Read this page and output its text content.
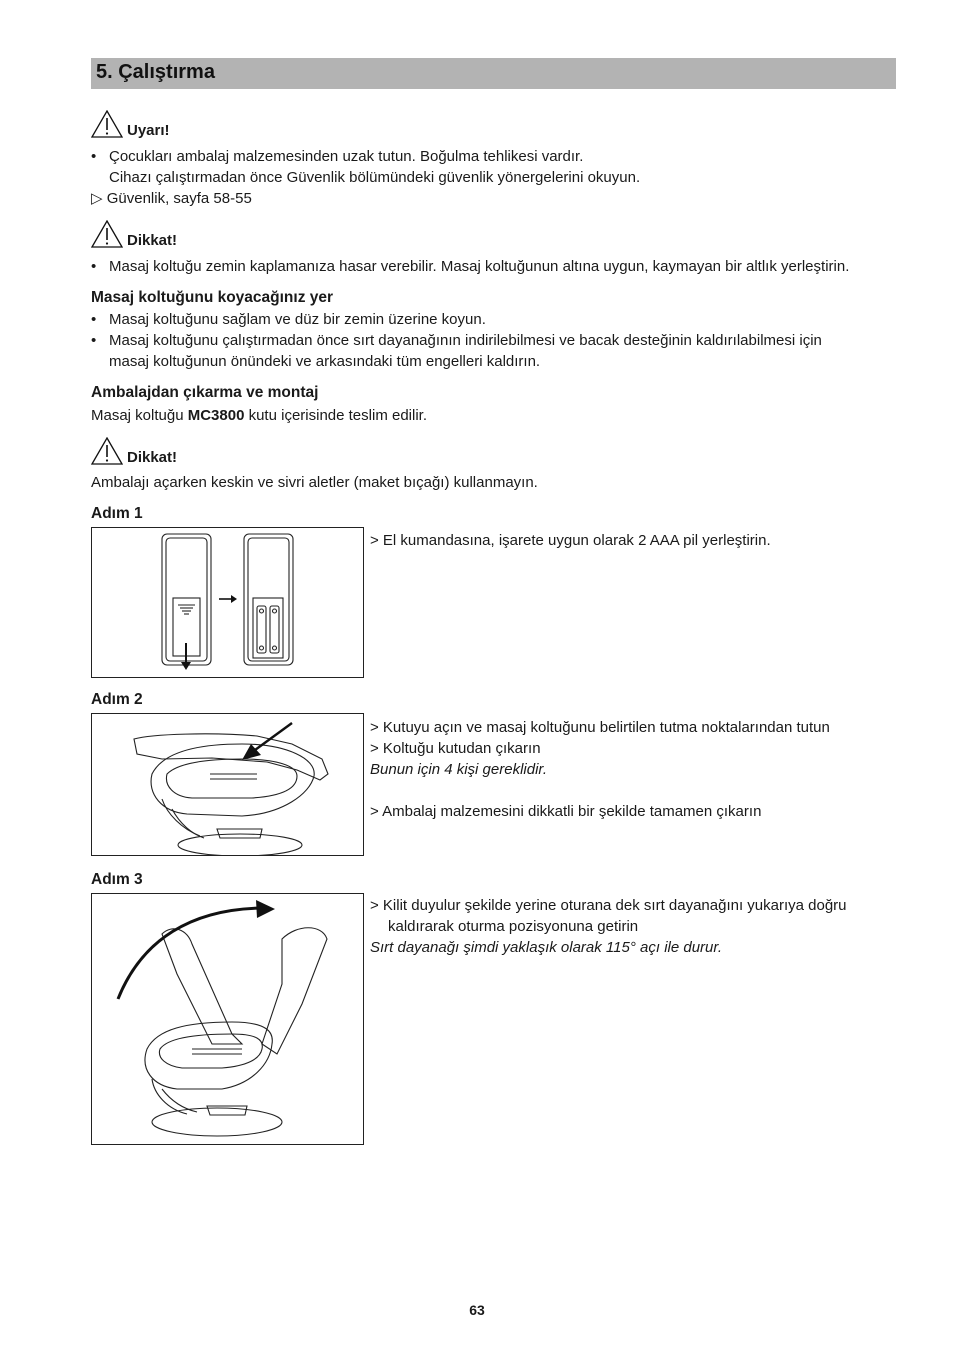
5. Çalıştırma
Uyarı!
• Çocukları ambalaj malzemesinden uzak tutun. Boğulma tehlikesi vardır.
Cihazı çalıştırmadan önce Güvenlik bölümündeki güvenlik yönergelerini okuyun.
▷ Güvenlik, sayfa 58-55
Dikkat!
• Masaj koltuğu zemin kaplamanıza hasar verebilir. Masaj koltuğunun altına uygun, kaymayan bir altlık yerleştirin.
Masaj koltuğunu koyacağınız yer
• Masaj koltuğunu sağlam ve düz bir zemin üzerine koyun.
• Masaj koltuğunu çalıştırmadan önce sırt dayanağının indirilebilmesi ve bacak desteğinin kaldırılabilmesi için
masaj koltuğunun önündeki ve arkasındaki tüm engelleri kaldırın.
Ambalajdan çıkarma ve montaj
Masaj koltuğu MC3800 kutu içerisinde teslim edilir.
Dikkat!
Ambalajı açarken keskin ve sivri aletler (maket bıçağı) kullanmayın.
Adım 1
> El kumandasına, işarete uygun olarak 2 AAA pil yerleştirin.
Adım 2
> Kutuyu açın ve masaj koltuğunu belirtilen tutma noktalarından tutun
> Koltuğu kutudan çıkarın
Bunun için 4 kişi gereklidir.
> Ambalaj malzemesini dikkatli bir şekilde tamamen çıkarın
Adım 3
> Kilit duyulur şekilde yerine oturana dek sırt dayanağını yukarıya doğru
kaldırarak oturma pozisyonuna getirin
Sırt dayanağı şimdi yaklaşık olarak 115° açı ile durur.
63
